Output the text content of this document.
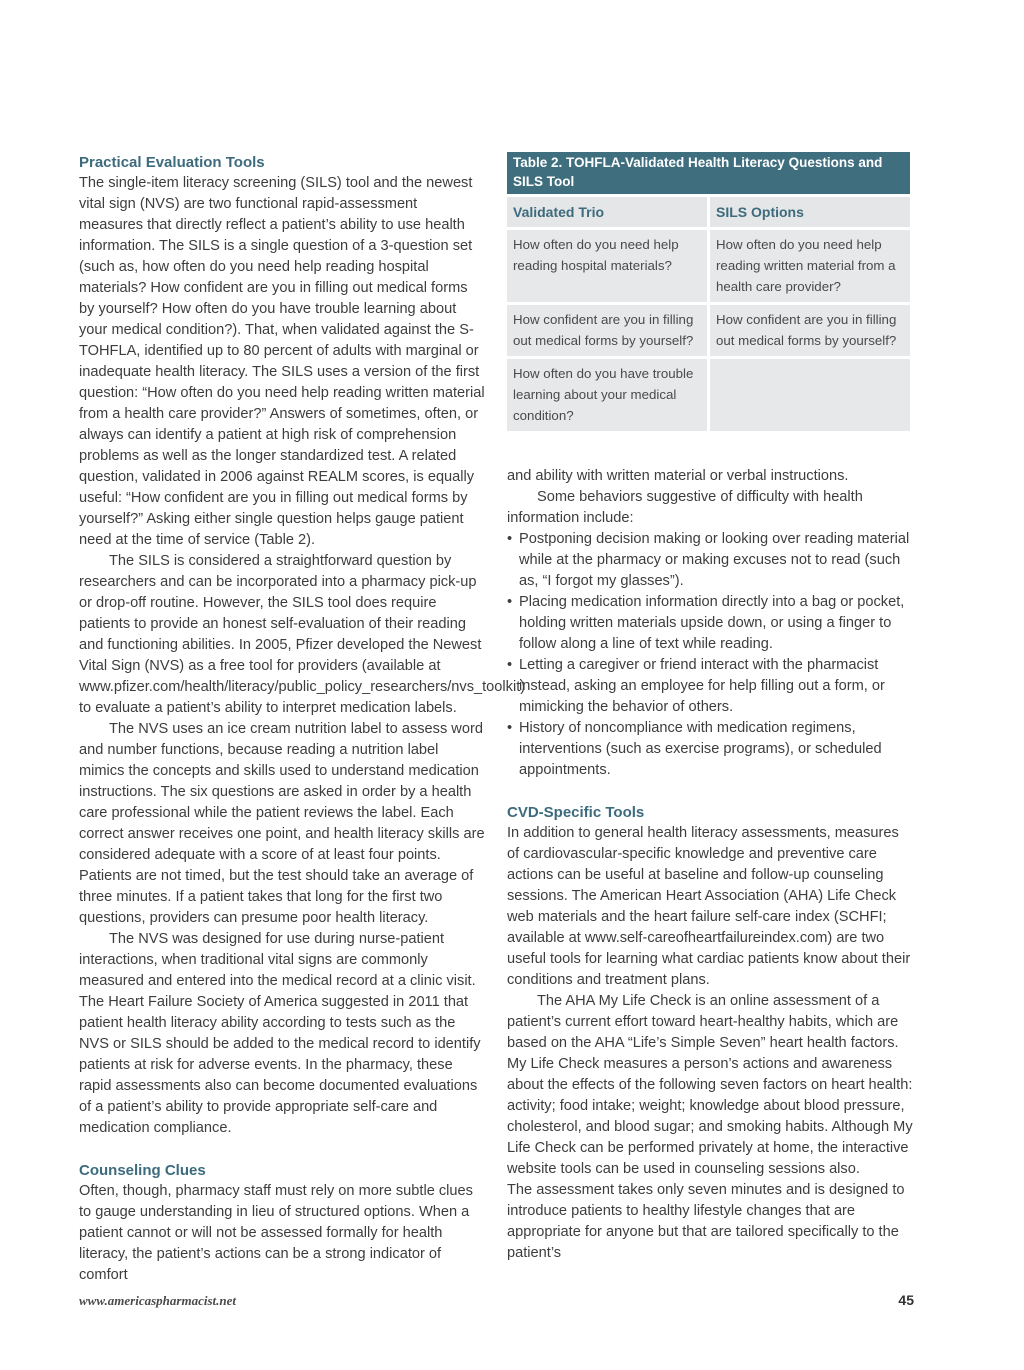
Practical Evaluation Tools

The single-item literacy screening (SILS) tool and the newest vital sign (NVS) are two functional rapid-assessment measures that directly reflect a patient’s ability to use health information. The SILS is a single question of a 3-question set (such as, how often do you need help reading hospital materials? How confident are you in filling out medical forms by yourself? How often do you have trouble learning about your medical condition?). That, when validated against the S-TOHFLA, identified up to 80 percent of adults with marginal or inadequate health literacy. The SILS uses a version of the first question: “How often do you need help reading written material from a health care provider?” Answers of sometimes, often, or always can identify a patient at high risk of comprehension problems as well as the longer standardized test. A related question, validated in 2006 against REALM scores, is equally useful: “How confident are you in filling out medical forms by yourself?” Asking either single question helps gauge patient need at the time of service (Table 2).

The SILS is considered a straightforward question by researchers and can be incorporated into a pharmacy pick-up or drop-off routine. However, the SILS tool does require patients to provide an honest self-evaluation of their reading and functioning abilities. In 2005, Pfizer developed the Newest Vital Sign (NVS) as a free tool for providers (available at www.pfizer.com/health/literacy/public_policy_researchers/nvs_toolkit) to evaluate a patient’s ability to interpret medication labels.

The NVS uses an ice cream nutrition label to assess word and number functions, because reading a nutrition label mimics the concepts and skills used to understand medication instructions. The six questions are asked in order by a health care professional while the patient reviews the label. Each correct answer receives one point, and health literacy skills are considered adequate with a score of at least four points. Patients are not timed, but the test should take an average of three minutes. If a patient takes that long for the first two questions, providers can presume poor health literacy.

The NVS was designed for use during nurse-patient interactions, when traditional vital signs are commonly measured and entered into the medical record at a clinic visit. The Heart Failure Society of America suggested in 2011 that patient health literacy ability according to tests such as the NVS or SILS should be added to the medical record to identify patients at risk for adverse events. In the pharmacy, these rapid assessments also can become documented evaluations of a patient’s ability to provide appropriate self-care and medication compliance.

Counseling Clues

Often, though, pharmacy staff must rely on more subtle clues to gauge understanding in lieu of structured options. When a patient cannot or will not be assessed formally for health literacy, the patient’s actions can be a strong indicator of comfort

Table 2. TOHFLA-Validated Health Literacy Questions and SILS Tool	
Validated Trio	SILS Options
How often do you need help reading hospital materials?	How often do you need help reading written material from a health care provider?
How confident are you in filling out medical forms by yourself?	How confident are you in filling out medical forms by yourself?
How often do you have trouble learning about your medical condition?	

and ability with written material or verbal instructions.

Some behaviors suggestive of difficulty with health information include:

• Postponing decision making or looking over reading material while at the pharmacy or making excuses not to read (such as, “I forgot my glasses”).
• Placing medication information directly into a bag or pocket, holding written materials upside down, or using a finger to follow along a line of text while reading.
• Letting a caregiver or friend interact with the pharmacist instead, asking an employee for help filling out a form, or mimicking the behavior of others.
• History of noncompliance with medication regimens, interventions (such as exercise programs), or scheduled appointments.
CVD-Specific Tools

In addition to general health literacy assessments, measures of cardiovascular-specific knowledge and preventive care actions can be useful at baseline and follow-up counseling sessions. The American Heart Association (AHA) Life Check web materials and the heart failure self-care index (SCHFI; available at www.self-careofheartfailureindex.com) are two useful tools for learning what cardiac patients know about their conditions and treatment plans.

The AHA My Life Check is an online assessment of a patient’s current effort toward heart-healthy habits, which are based on the AHA “Life’s Simple Seven” heart health factors. My Life Check measures a person’s actions and awareness about the effects of the following seven factors on heart health: activity; food intake; weight; knowledge about blood pressure, cholesterol, and blood sugar; and smoking habits. Although My Life Check can be performed privately at home, the interactive website tools can be used in counseling sessions also.

The assessment takes only seven minutes and is designed to introduce patients to healthy lifestyle changes that are appropriate for anyone but that are tailored specifically to the patient’s

www.americaspharmacist.net	45
